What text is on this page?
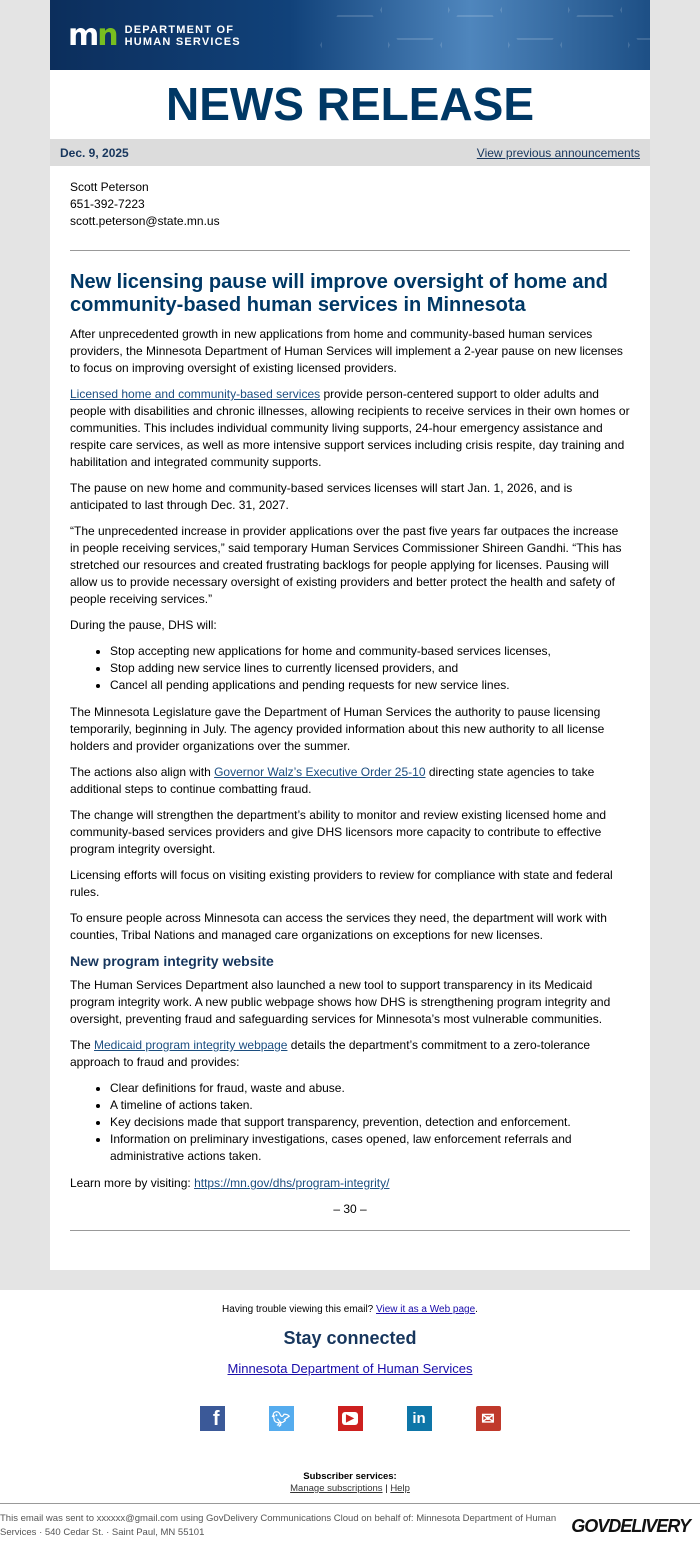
mn DEPARTMENT OF
HUMAN SERVICES
NEWS RELEASE
Dec. 9, 2025	View previous announcements
Scott Peterson
651-392-7223
scott.peterson@state.mn.us
New licensing pause will improve oversight of home and community-based human services in Minnesota

After unprecedented growth in new applications from home and community-based human services providers, the Minnesota Department of Human Services will implement a 2-year pause on new licenses to focus on improving oversight of existing licensed providers.

Licensed home and community-based services provide person-centered support to older adults and people with disabilities and chronic illnesses, allowing recipients to receive services in their own homes or communities. This includes individual community living supports, 24-hour emergency assistance and respite care services, as well as more intensive support services including crisis respite, day training and habilitation and integrated community supports.

The pause on new home and community-based services licenses will start Jan. 1, 2026, and is anticipated to last through Dec. 31, 2027.

“The unprecedented increase in provider applications over the past five years far outpaces the increase in people receiving services,” said temporary Human Services Commissioner Shireen Gandhi. “This has stretched our resources and created frustrating backlogs for people applying for licenses. Pausing will allow us to provide necessary oversight of existing providers and better protect the health and safety of people receiving services.”

During the pause, DHS will:

• Stop accepting new applications for home and community-based services licenses,
• Stop adding new service lines to currently licensed providers, and
• Cancel all pending applications and pending requests for new service lines.

The Minnesota Legislature gave the Department of Human Services the authority to pause licensing temporarily, beginning in July. The agency provided information about this new authority to all license holders and provider organizations over the summer.

The actions also align with Governor Walz’s Executive Order 25-10 directing state agencies to take additional steps to continue combatting fraud.

The change will strengthen the department’s ability to monitor and review existing licensed home and community-based services providers and give DHS licensors more capacity to contribute to effective program integrity oversight.

Licensing efforts will focus on visiting existing providers to review for compliance with state and federal rules.

To ensure people across Minnesota can access the services they need, the department will work with counties, Tribal Nations and managed care organizations on exceptions for new licenses.

New program integrity website

The Human Services Department also launched a new tool to support transparency in its Medicaid program integrity work. A new public webpage shows how DHS is strengthening program integrity and oversight, preventing fraud and safeguarding services for Minnesota’s most vulnerable communities.

The Medicaid program integrity webpage details the department’s commitment to a zero-tolerance approach to fraud and provides:

• Clear definitions for fraud, waste and abuse.
• A timeline of actions taken.
• Key decisions made that support transparency, prevention, detection and enforcement.
• Information on preliminary investigations, cases opened, law enforcement referrals and administrative actions taken.

Learn more by visiting: https://mn.gov/dhs/program-integrity/

– 30 –
Having trouble viewing this email? View it as a Web page.
Stay connected
Minnesota Department of Human Services
f	🐦︎	▶	in	✉
Subscriber services:
Manage subscriptions | Help
This email was sent to xxxxxx@gmail.com using GovDelivery Communications Cloud on behalf of: Minnesota Department of Human Services · 540 Cedar St. · Saint Paul, MN 55101	GOVDELIVERY
